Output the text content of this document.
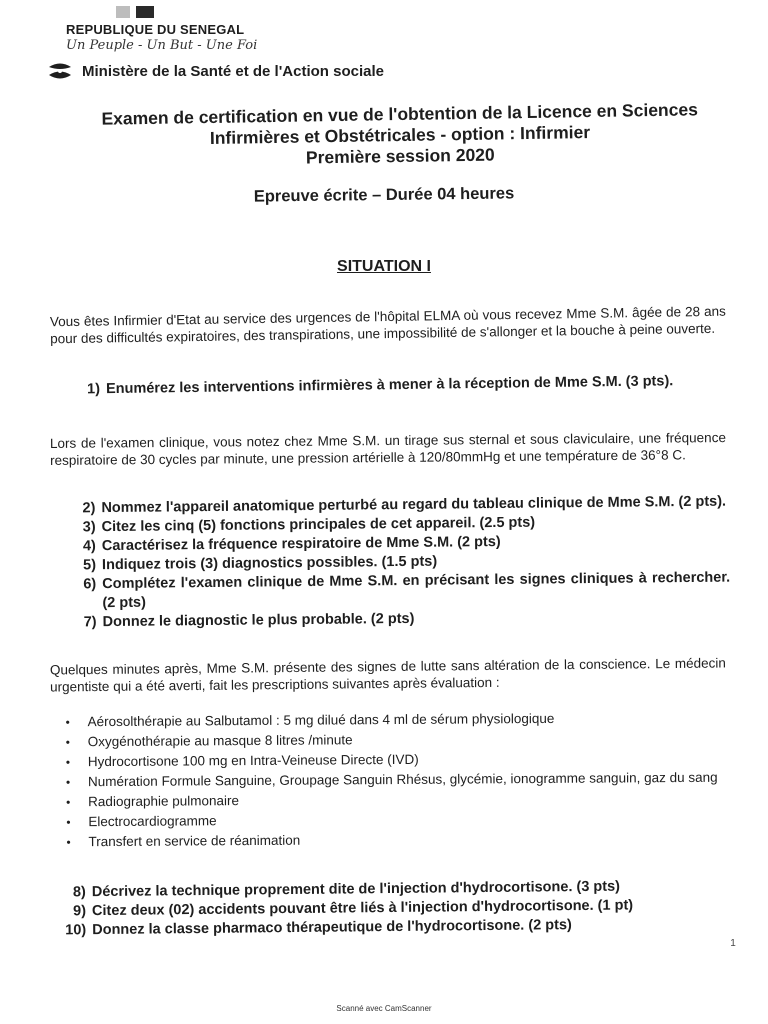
REPUBLIQUE DU SENEGAL
Un Peuple - Un But - Une Foi
Ministère de la Santé et de l'Action sociale
Examen de certification en vue de l'obtention de la Licence en Sciences
Infirmières et Obstétricales - option : Infirmier
Première session 2020
Epreuve écrite – Durée 04 heures
SITUATION I
Vous êtes Infirmier d'Etat au service des urgences de l'hôpital ELMA où vous recevez Mme S.M. âgée de 28 ans pour des difficultés expiratoires, des transpirations, une impossibilité de s'allonger et la bouche à peine ouverte.
1) Enumérez les interventions infirmières à mener à la réception de Mme S.M. (3 pts).
Lors de l'examen clinique, vous notez chez Mme S.M. un tirage sus sternal et sous claviculaire, une fréquence respiratoire de 30 cycles par minute, une pression artérielle à 120/80mmHg et une température de 36°8 C.
2) Nommez l'appareil anatomique perturbé au regard du tableau clinique de Mme S.M. (2 pts).
3) Citez les cinq (5) fonctions principales de cet appareil. (2.5 pts)
4) Caractérisez la fréquence respiratoire de Mme S.M. (2 pts)
5) Indiquez trois (3) diagnostics possibles. (1.5 pts)
6) Complétez l'examen clinique de Mme S.M. en précisant les signes cliniques à rechercher. (2 pts)
7) Donnez le diagnostic le plus probable. (2 pts)
Quelques minutes après, Mme S.M. présente des signes de lutte sans altération de la conscience. Le médecin urgentiste qui a été averti, fait les prescriptions suivantes après évaluation :
•	Aérosolthérapie au Salbutamol : 5 mg dilué dans 4 ml de sérum physiologique
•	Oxygénothérapie au masque 8 litres /minute
•	Hydrocortisone 100 mg en Intra-Veineuse Directe (IVD)
•	Numération Formule Sanguine, Groupage Sanguin Rhésus, glycémie, ionogramme sanguin, gaz du sang
•	Radiographie pulmonaire
•	Electrocardiogramme
•	Transfert en service de réanimation
8) Décrivez la technique proprement dite de l'injection d'hydrocortisone. (3 pts)
9) Citez deux (02) accidents pouvant être liés à l'injection d'hydrocortisone. (1 pt)
10) Donnez la classe pharmaco thérapeutique de l'hydrocortisone. (2 pts)
1
Scanné avec CamScanner
